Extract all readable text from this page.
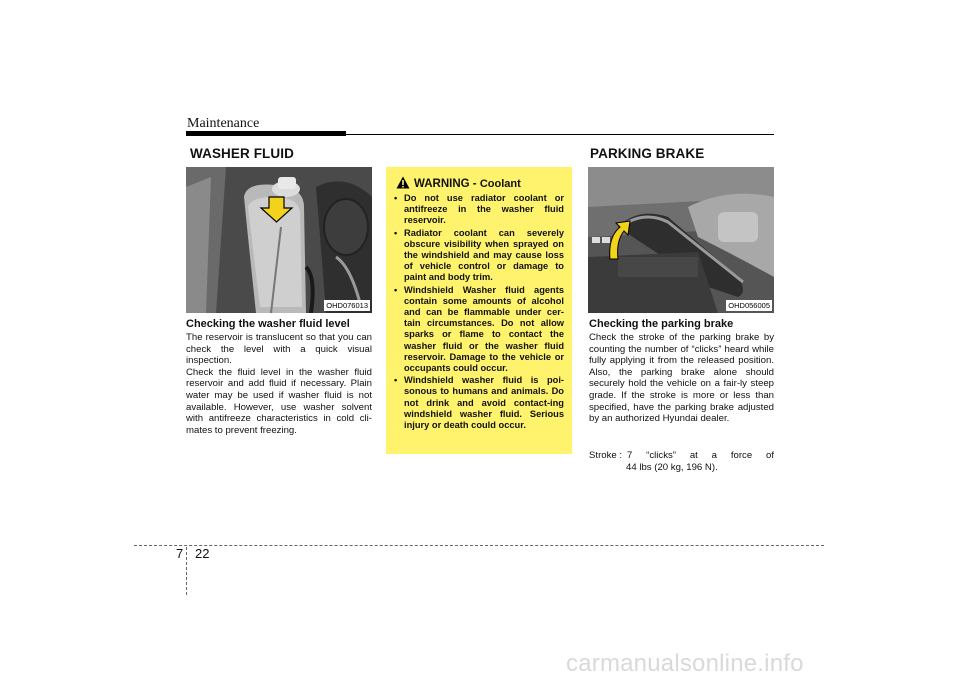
Maintenance
WASHER FLUID
OHD076013
Checking the washer fluid level

The reservoir is translucent so that you can check the level with a quick visual inspection.

Check the fluid level in the washer fluid reservoir and add fluid if necessary. Plain water may be used if washer fluid is not available. However, use washer solvent with antifreeze characteristics in cold cli-mates to prevent freezing.

WARNING - Coolant
• Do not use radiator coolant or antifreeze in the washer fluid reservoir.
• Radiator coolant can severely obscure visibility when sprayed on the windshield and may cause loss of vehicle control or damage to paint and body trim.
• Windshield Washer fluid agents contain some amounts of alcohol and can be flammable under cer-tain circumstances. Do not allow sparks or flame to contact the washer fluid or the washer fluid reservoir. Damage to the vehicle or occupants could occur.
• Windshield washer fluid is poi-sonous to humans and animals. Do not drink and avoid contact-ing windshield washer fluid. Serious injury or death could occur.
PARKING BRAKE
OHD056005
Checking the parking brake
Check the stroke of the parking brake by counting the number of “clicks” heard while fully applying it from the released position. Also, the parking brake alone should securely hold the vehicle on a fair-ly steep grade. If the stroke is more or less than specified, have the parking brake adjusted by an authorized Hyundai dealer.
Stroke : 7 “clicks” at a force of
44 lbs (20 kg, 196 N).
7 22
carmanualsonline.info
